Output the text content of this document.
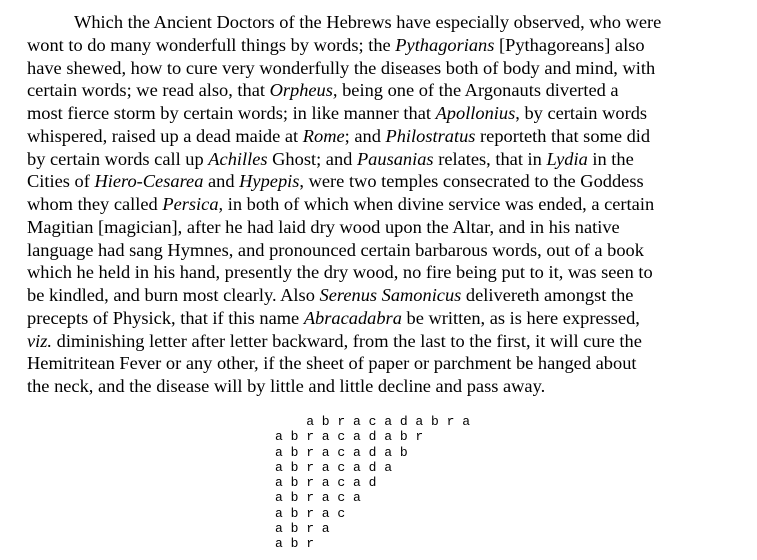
Which the Ancient Doctors of the Hebrews have especially observed, who were
wont to do many wonderfull things by words; the Pythagorians [Pythagoreans] also
have shewed, how to cure very wonderfully the diseases both of body and mind, with
certain words; we read also, that Orpheus, being one of the Argonauts diverted a
most fierce storm by certain words; in like manner that Apollonius, by certain words
whispered, raised up a dead maide at Rome; and Philostratus reporteth that some did
by certain words call up Achilles Ghost; and Pausanias relates, that in Lydia in the
Cities of Hiero-Cesarea and Hypepis, were two temples consecrated to the Goddess
whom they called Persica, in both of which when divine service was ended, a certain
Magitian [magician], after he had laid dry wood upon the Altar, and in his native
language had sang Hymnes, and pronounced certain barbarous words, out of a book
which he held in his hand, presently the dry wood, no fire being put to it, was seen to
be kindled, and burn most clearly. Also Serenus Samonicus delivereth amongst the
precepts of Physick, that if this name Abracadabra be written, as is here expressed,
viz. diminishing letter after letter backward, from the last to the first, it will cure the
Hemitritean Fever or any other, if the sheet of paper or parchment be hanged about
the neck, and the disease will by little and little decline and pass away.
a b r a c a d a b r a
a b r a c a d a b r
a b r a c a d a b
a b r a c a d a
a b r a c a d
a b r a c a
a b r a c
a b r a
a b r
